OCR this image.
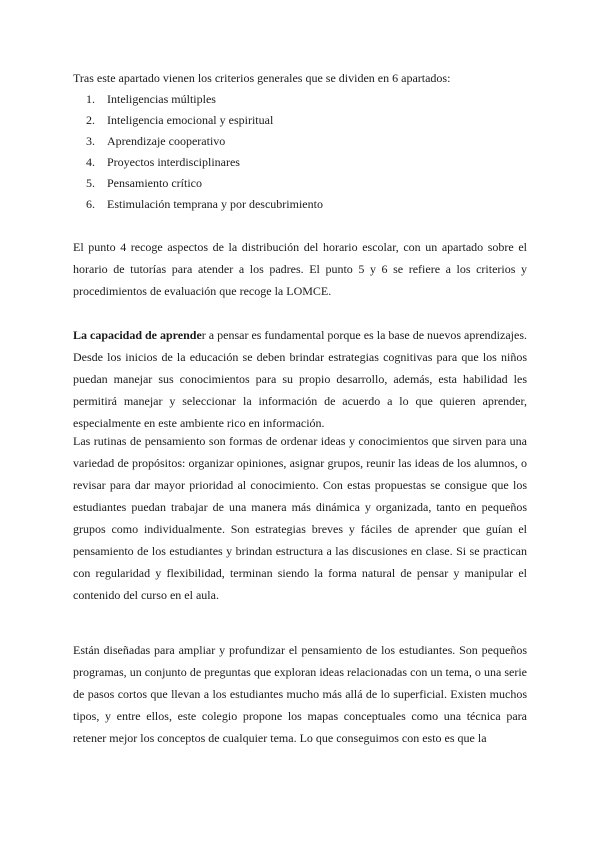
Tras este apartado vienen los criterios generales que se dividen en 6 apartados:

1.	Inteligencias múltiples
2.	Inteligencia emocional y espiritual
3.	Aprendizaje cooperativo
4.	Proyectos interdisciplinares
5.	Pensamiento crítico
6.	Estimulación temprana y por descubrimiento

El punto 4 recoge aspectos de la distribución del horario escolar, con un apartado sobre el horario de tutorías para atender a los padres. El punto 5 y 6 se refiere a los criterios y procedimientos de evaluación que recoge la LOMCE.

La capacidad de aprender a pensar es fundamental porque es la base de nuevos aprendizajes. Desde los inicios de la educación se deben brindar estrategias cognitivas para que los niños puedan manejar sus conocimientos para su propio desarrollo, además, esta habilidad les permitirá manejar y seleccionar la información de acuerdo a lo que quieren aprender, especialmente en este ambiente rico en información.

Las rutinas de pensamiento son formas de ordenar ideas y conocimientos que sirven para una variedad de propósitos: organizar opiniones, asignar grupos, reunir las ideas de los alumnos, o revisar para dar mayor prioridad al conocimiento. Con estas propuestas se consigue que los estudiantes puedan trabajar de una manera más dinámica y organizada, tanto en pequeños grupos como individualmente. Son estrategias breves y fáciles de aprender que guían el pensamiento de los estudiantes y brindan estructura a las discusiones en clase. Si se practican con regularidad y flexibilidad, terminan siendo la forma natural de pensar y manipular el contenido del curso en el aula.

Están diseñadas para ampliar y profundizar el pensamiento de los estudiantes. Son pequeños programas, un conjunto de preguntas que exploran ideas relacionadas con un tema, o una serie de pasos cortos que llevan a los estudiantes mucho más allá de lo superficial. Existen muchos tipos, y entre ellos, este colegio propone los mapas conceptuales como una técnica para retener mejor los conceptos de cualquier tema. Lo que conseguimos con esto es que la
